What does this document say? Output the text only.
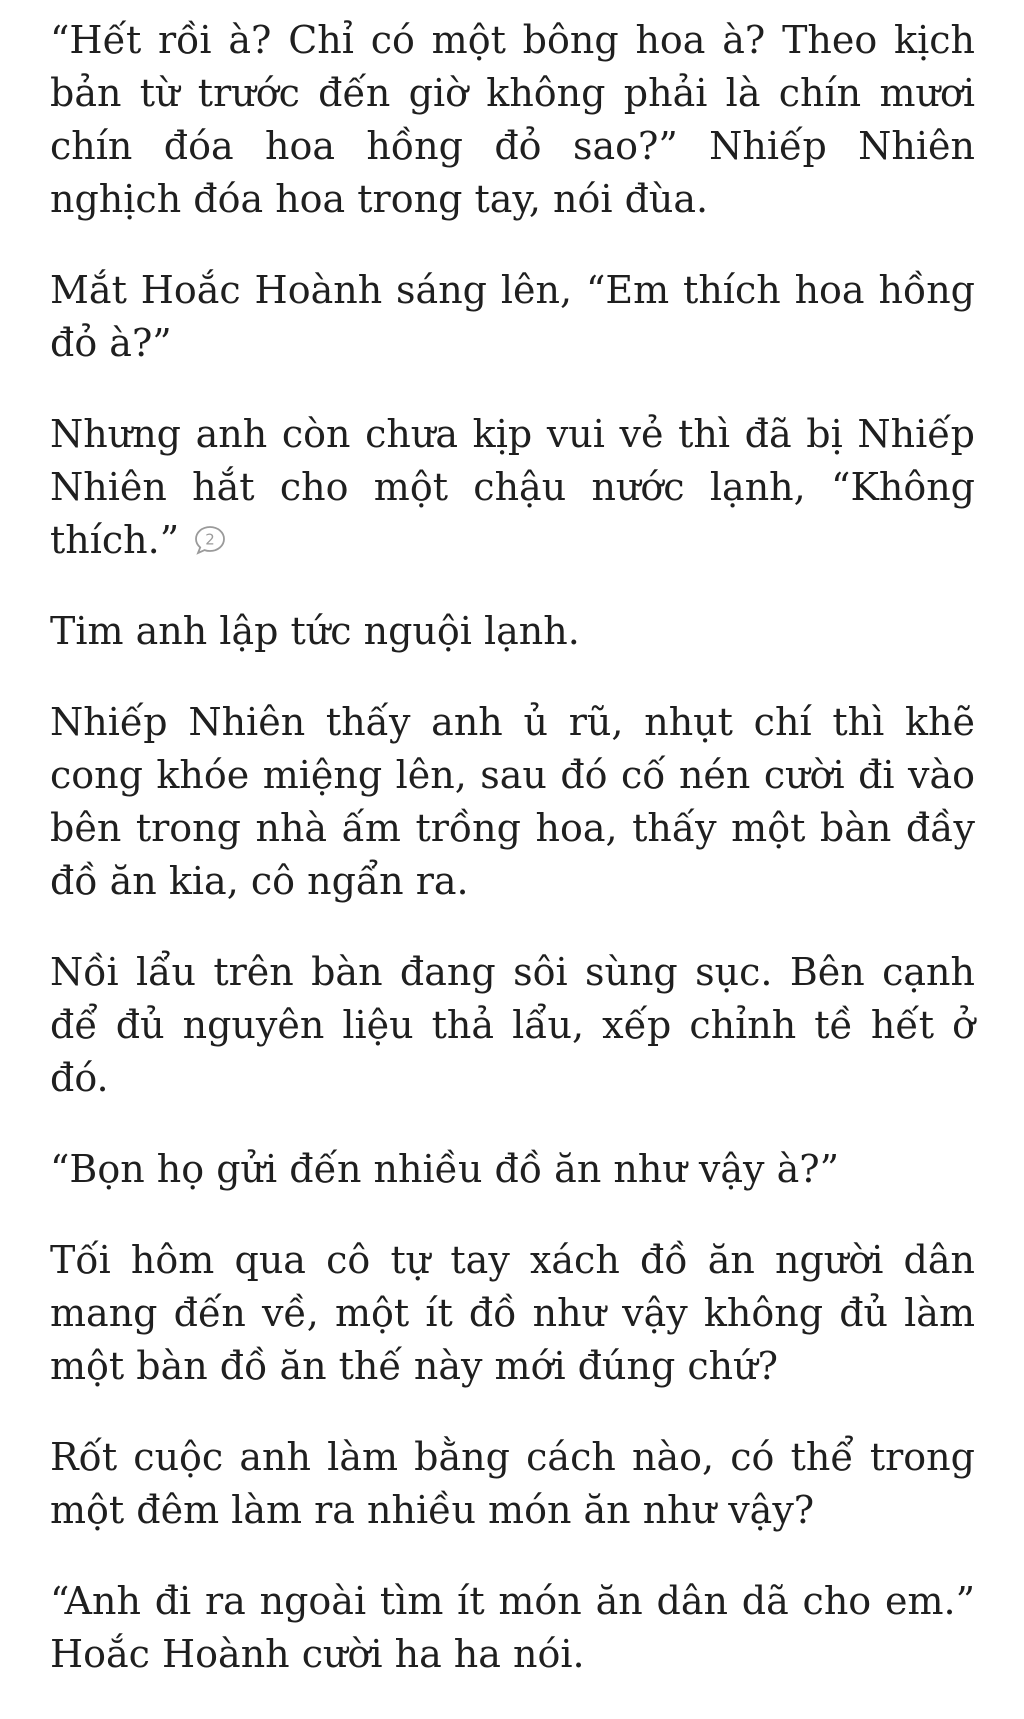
“Hết rồi à? Chỉ có một bông hoa à? Theo kịch bản từ trước đến giờ không phải là chín mươi chín đóa hoa hồng đỏ sao?” Nhiếp Nhiên nghịch đóa hoa trong tay, nói đùa.

Mắt Hoắc Hoành sáng lên, “Em thích hoa hồng đỏ à?”

Nhưng anh còn chưa kịp vui vẻ thì đã bị Nhiếp Nhiên hắt cho một chậu nước lạnh, “Không thích.” 2

Tim anh lập tức nguội lạnh.

Nhiếp Nhiên thấy anh ủ rũ, nhụt chí thì khẽ cong khóe miệng lên, sau đó cố nén cười đi vào bên trong nhà ấm trồng hoa, thấy một bàn đầy đồ ăn kia, cô ngẩn ra.

Nồi lẩu trên bàn đang sôi sùng sục. Bên cạnh để đủ nguyên liệu thả lẩu, xếp chỉnh tề hết ở đó.

“Bọn họ gửi đến nhiều đồ ăn như vậy à?”

Tối hôm qua cô tự tay xách đồ ăn người dân mang đến về, một ít đồ như vậy không đủ làm một bàn đồ ăn thế này mới đúng chứ?

Rốt cuộc anh làm bằng cách nào, có thể trong một đêm làm ra nhiều món ăn như vậy?

“Anh đi ra ngoài tìm ít món ăn dân dã cho em.” Hoắc Hoành cười ha ha nói.
